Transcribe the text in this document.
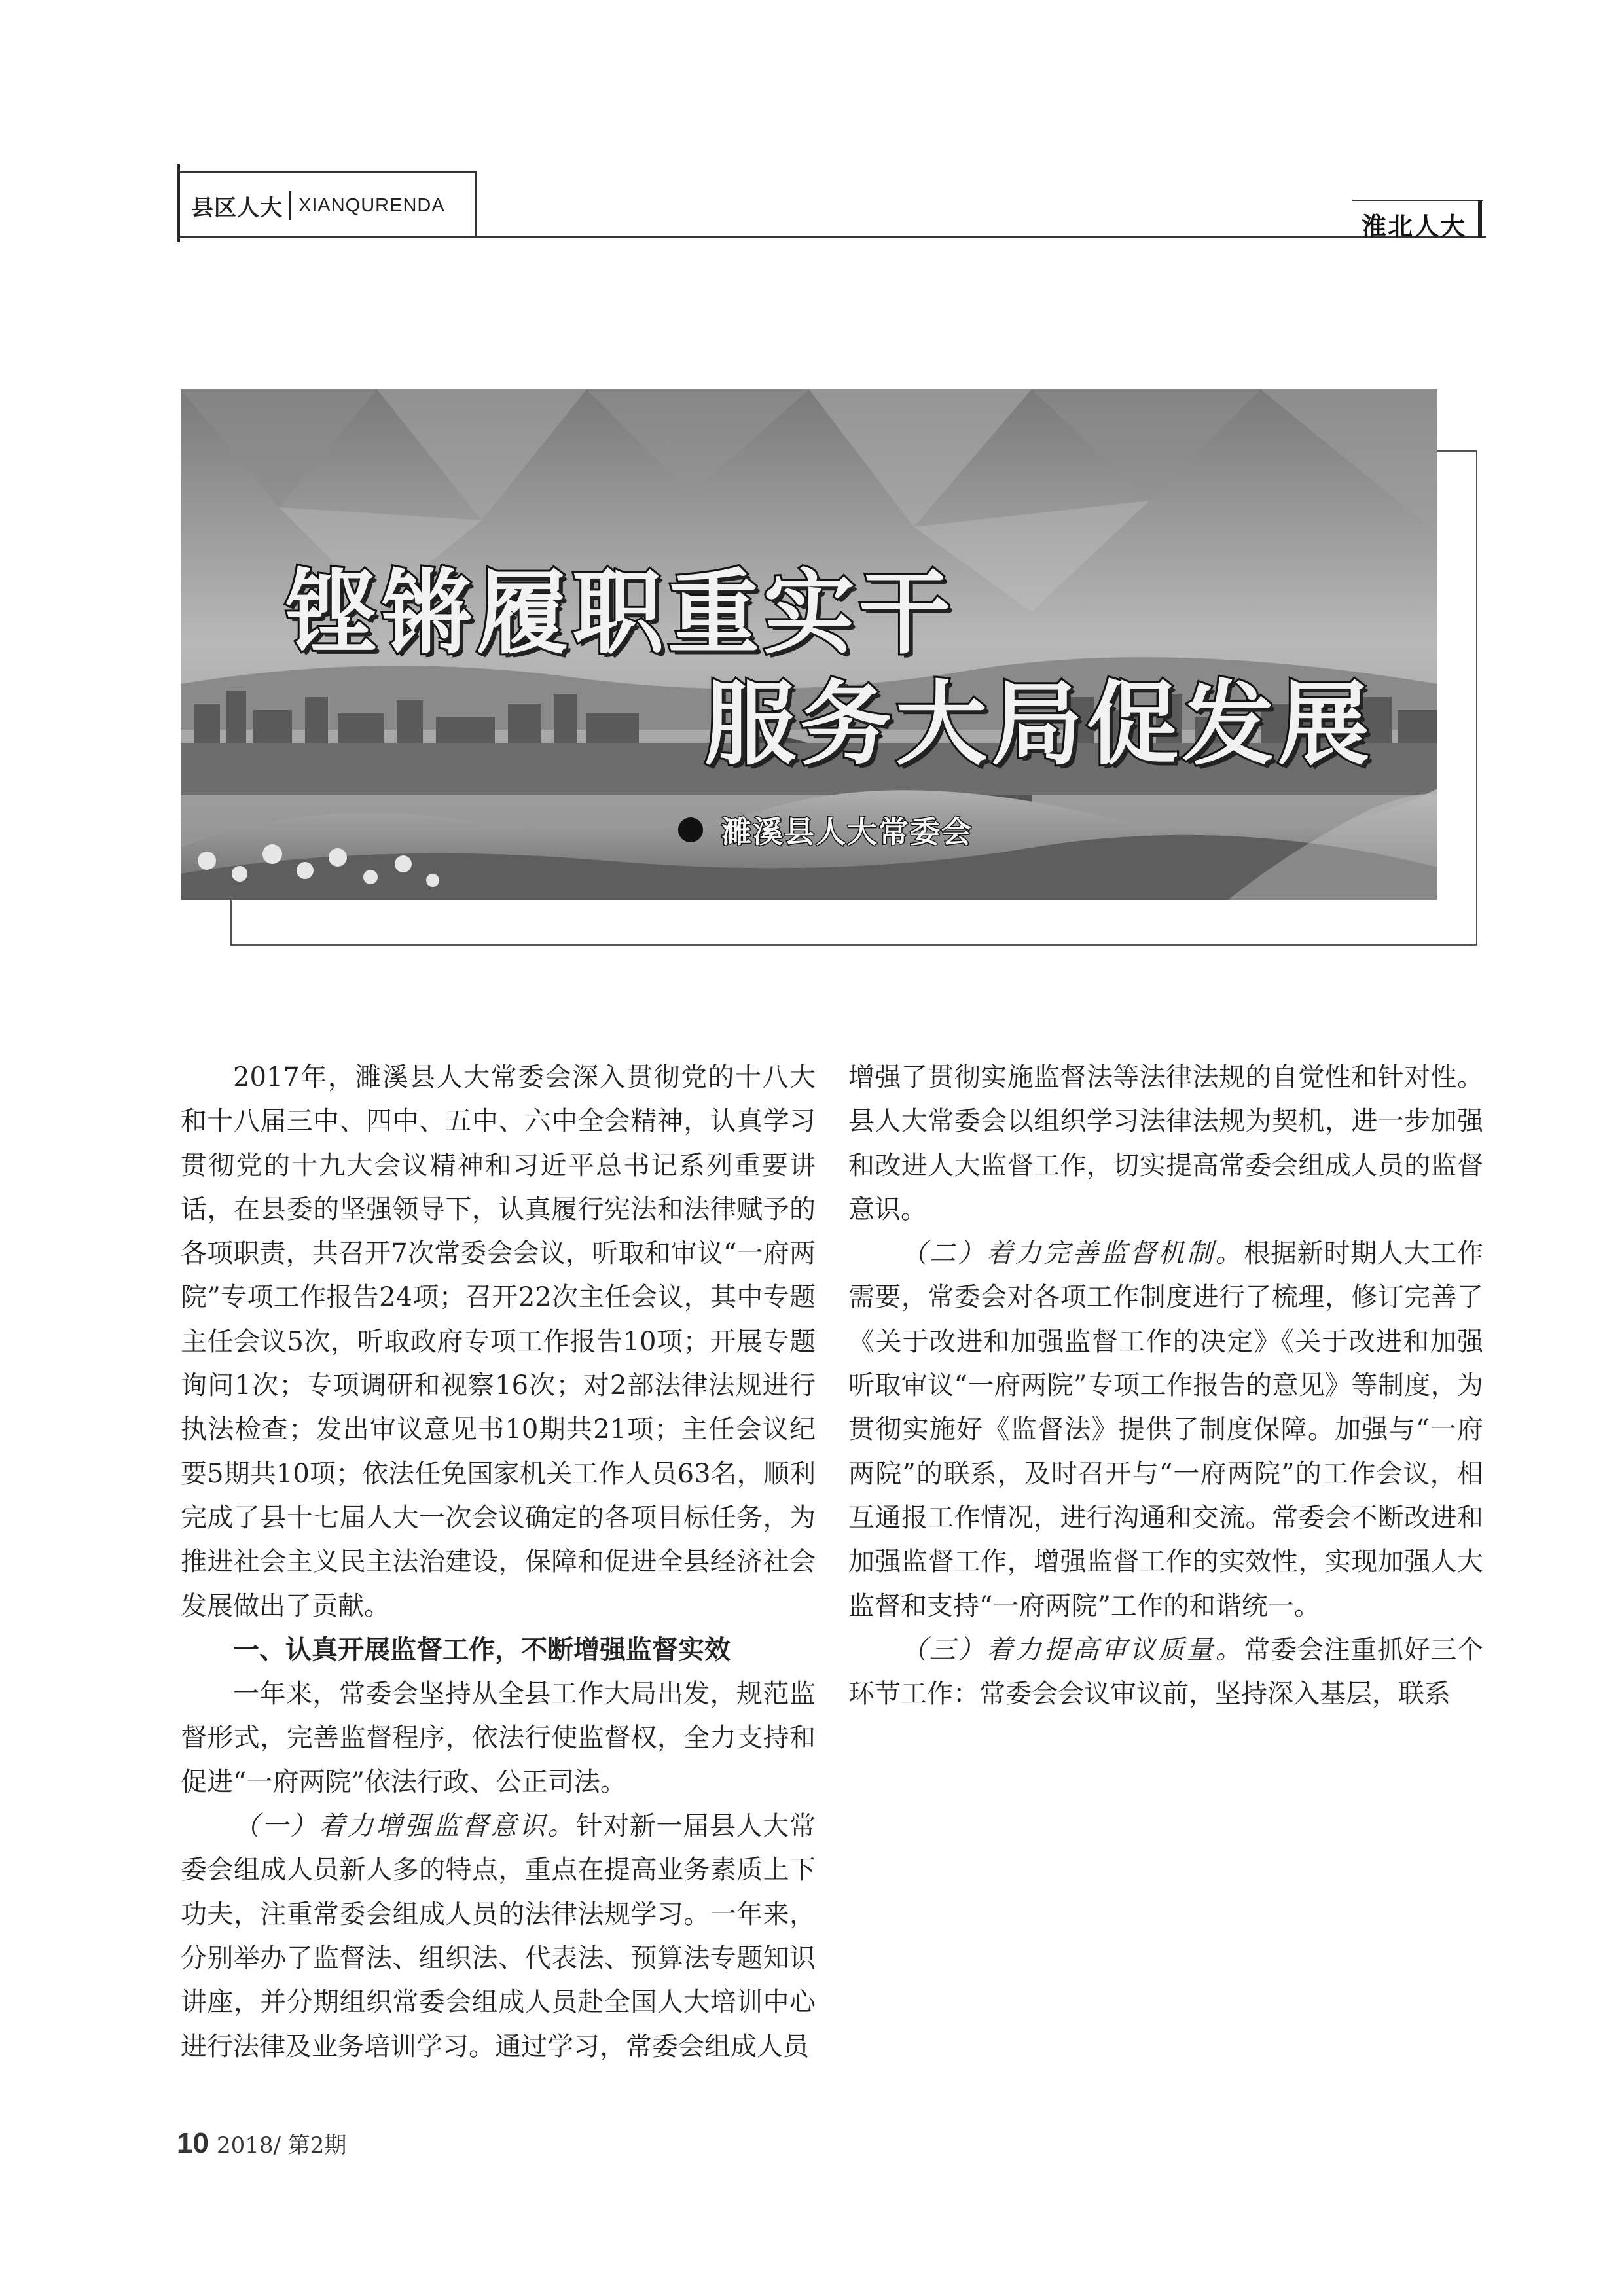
县区人大 XIANQURENDA
淮北人大
铿锵履职重实干
服务大局促发展
濉溪县人大常委会

2017年，濉溪县人大常委会深入贯彻党的十八大和十八届三中、四中、五中、六中全会精神，认真学习贯彻党的十九大会议精神和习近平总书记系列重要讲话，在县委的坚强领导下，认真履行宪法和法律赋予的各项职责，共召开7次常委会会议，听取和审议“一府两院”专项工作报告24项；召开22次主任会议，其中专题主任会议5次，听取政府专项工作报告10项；开展专题询问1次；专项调研和视察16次；对2部法律法规进行执法检查；发出审议意见书10期共21项；主任会议纪要5期共10项；依法任免国家机关工作人员63名，顺利完成了县十七届人大一次会议确定的各项目标任务，为推进社会主义民主法治建设，保障和促进全县经济社会发展做出了贡献。

一、认真开展监督工作，不断增强监督实效

一年来，常委会坚持从全县工作大局出发，规范监督形式，完善监督程序，依法行使监督权，全力支持和促进“一府两院”依法行政、公正司法。

（一）着力增强监督意识。针对新一届县人大常委会组成人员新人多的特点，重点在提高业务素质上下功夫，注重常委会组成人员的法律法规学习。一年来，分别举办了监督法、组织法、代表法、预算法专题知识讲座，并分期组织常委会组成人员赴全国人大培训中心进行法律及业务培训学习。通过学习，常委会组成人员

增强了贯彻实施监督法等法律法规的自觉性和针对性。县人大常委会以组织学习法律法规为契机，进一步加强和改进人大监督工作，切实提高常委会组成人员的监督意识。

（二）着力完善监督机制。根据新时期人大工作需要，常委会对各项工作制度进行了梳理，修订完善了《关于改进和加强监督工作的决定》《关于改进和加强听取审议“一府两院”专项工作报告的意见》等制度，为贯彻实施好《监督法》提供了制度保障。加强与“一府两院”的联系，及时召开与“一府两院”的工作会议，相互通报工作情况，进行沟通和交流。常委会不断改进和加强监督工作，增强监督工作的实效性，实现加强人大监督和支持“一府两院”工作的和谐统一。

（三）着力提高审议质量。常委会注重抓好三个环节工作：常委会会议审议前，坚持深入基层，联系

10 2018/ 第2期
